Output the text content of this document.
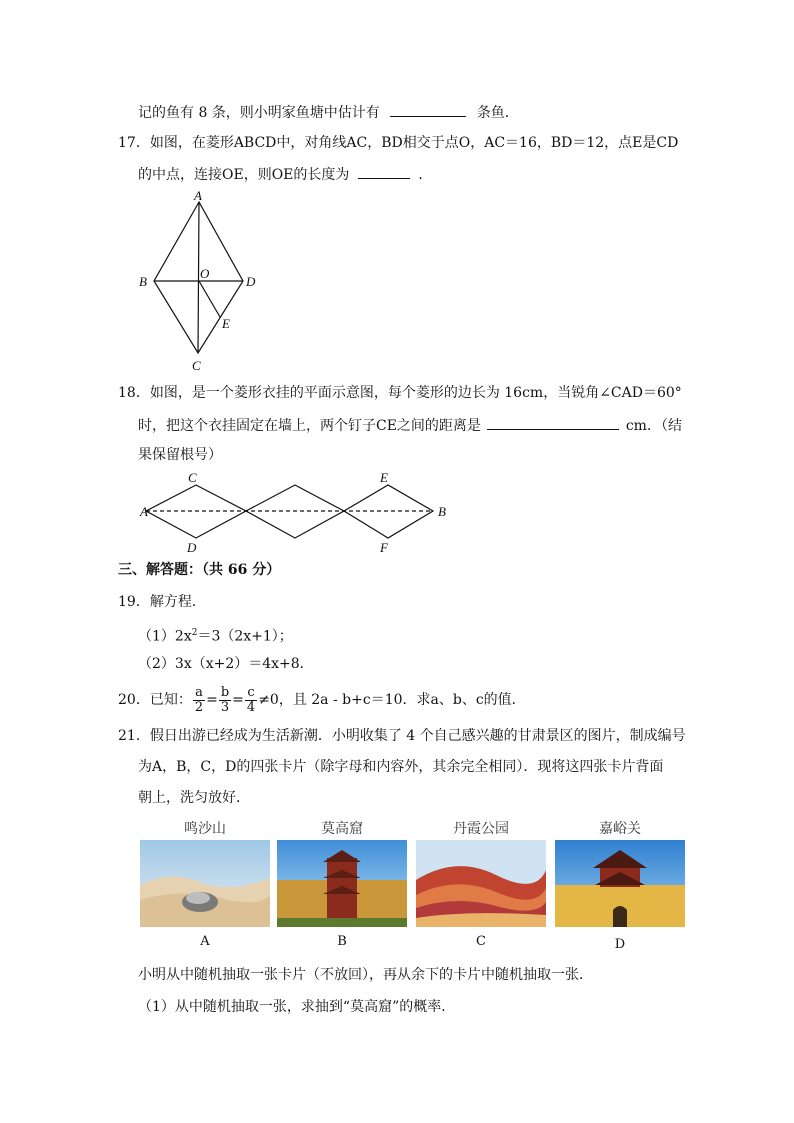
记的鱼有 8 条，则小明家鱼塘中估计有	条鱼．
17．如图，在菱形ABCD中，对角线AC，BD相交于点O，AC＝16，BD＝12，点E是CD
的中点，连接OE，则OE的长度为	．
A
B
C
D
O
E
18．如图，是一个菱形衣挂的平面示意图，每个菱形的边长为 16cm，当锐角∠CAD＝60°
时，把这个衣挂固定在墙上，两个钉子CE之间的距离是	cm．（结
果保留根号）
A	B
C
D
E
F
三、解答题：（共 66 分）
19．解方程．
$(1)2x^2=3(2x+1)$；
（2）3x（x+2）＝4x+8．
20．已知： $\frac{a}{2} = \frac{b}{3} = \frac{c}{4} \ne 0$，且 2a - b+c＝10．求a、b、c的值．
21．假日出游已经成为生活新潮．小明收集了 4 个自己感兴趣的甘肃景区的图片，制成编号
为A，B，C，D的四张卡片（除字母和内容外，其余完全相同）．现将这四张卡片背面
朝上，洗匀放好．
鸣沙山	莫高窟	丹霞公园	嘉峪关
A	B	C	D
小明从中随机抽取一张卡片（不放回），再从余下的卡片中随机抽取一张．
（1）从中随机抽取一张，求抽到“莫高窟”的概率．
